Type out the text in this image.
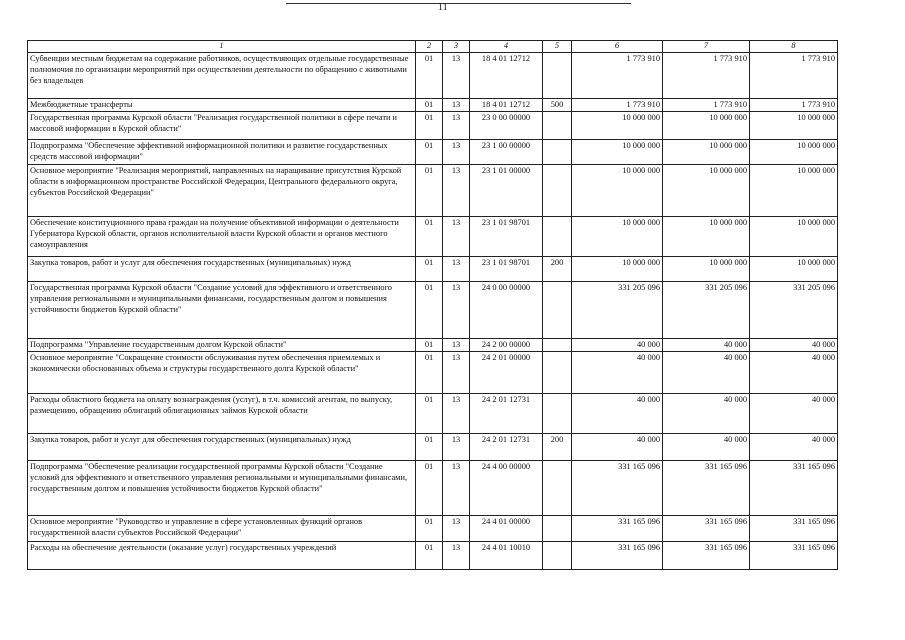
11
1	2	3	4	5	6	7	8
Субвенции местным бюджетам на содержание работников, осуществляющих отдельные государственные полномочия по организации мероприятий при осуществлении деятельности по обращению с животными без владельцев	01	13	18 4 01 12712		1 773 910	1 773 910	1 773 910
Межбюджетные трансферты	01	13	18 4 01 12712	500	1 773 910	1 773 910	1 773 910
Государственная программа Курской области "Реализация государственной политики в сфере печати и массовой информации в Курской области"	01	13	23 0 00 00000		10 000 000	10 000 000	10 000 000
Подпрограмма "Обеспечение эффективной информационной политики и развитие государственных средств массовой информации"	01	13	23 1 00 00000		10 000 000	10 000 000	10 000 000
Основное мероприятие "Реализация мероприятий, направленных на наращивание присутствия Курской области в информационном пространстве Российской Федерации, Центрального федерального округа, субъектов Российской Федерации"	01	13	23 1 01 00000		10 000 000	10 000 000	10 000 000
Обеспечение конституционного права граждан на получение объективной информации о деятельности Губернатора Курской области, органов исполнительной власти Курской области и органов местного самоуправления	01	13	23 1 01 98701		10 000 000	10 000 000	10 000 000
Закупка товаров, работ и услуг для обеспечения государственных (муниципальных) нужд	01	13	23 1 01 98701	200	10 000 000	10 000 000	10 000 000
Государственная программа Курской области "Создание условий для эффективного и ответственного управления региональными и муниципальными финансами, государственным долгом и повышения устойчивости бюджетов Курской области"	01	13	24 0 00 00000		331 205 096	331 205 096	331 205 096
Подпрограмма "Управление государственным долгом Курской области"	01	13	24 2 00 00000		40 000	40 000	40 000
Основное мероприятие "Сокращение стоимости обслуживания путем обеспечения приемлемых и экономически обоснованных объема и структуры государственного долга Курской области"	01	13	24 2 01 00000		40 000	40 000	40 000
Расходы областного бюджета на оплату вознаграждения (услуг), в т.ч. комиссий агентам, по выпуску, размещению, обращению облигаций облигационных займов Курской области	01	13	24 2 01 12731		40 000	40 000	40 000
Закупка товаров, работ и услуг для обеспечения государственных (муниципальных) нужд	01	13	24 2 01 12731	200	40 000	40 000	40 000
Подпрограмма "Обеспечение реализации государственной программы Курской области "Создание условий для эффективного и ответственного управления региональными и муниципальными финансами, государственным долгом и повышения устойчивости бюджетов Курской области"	01	13	24 4 00 00000		331 165 096	331 165 096	331 165 096
Основное мероприятие "Руководство и управление в сфере установленных функций органов государственной власти субъектов Российской Федерации"	01	13	24 4 01 00000		331 165 096	331 165 096	331 165 096
Расходы на обеспечение деятельности (оказание услуг) государственных учреждений	01	13	24 4 01 10010		331 165 096	331 165 096	331 165 096
